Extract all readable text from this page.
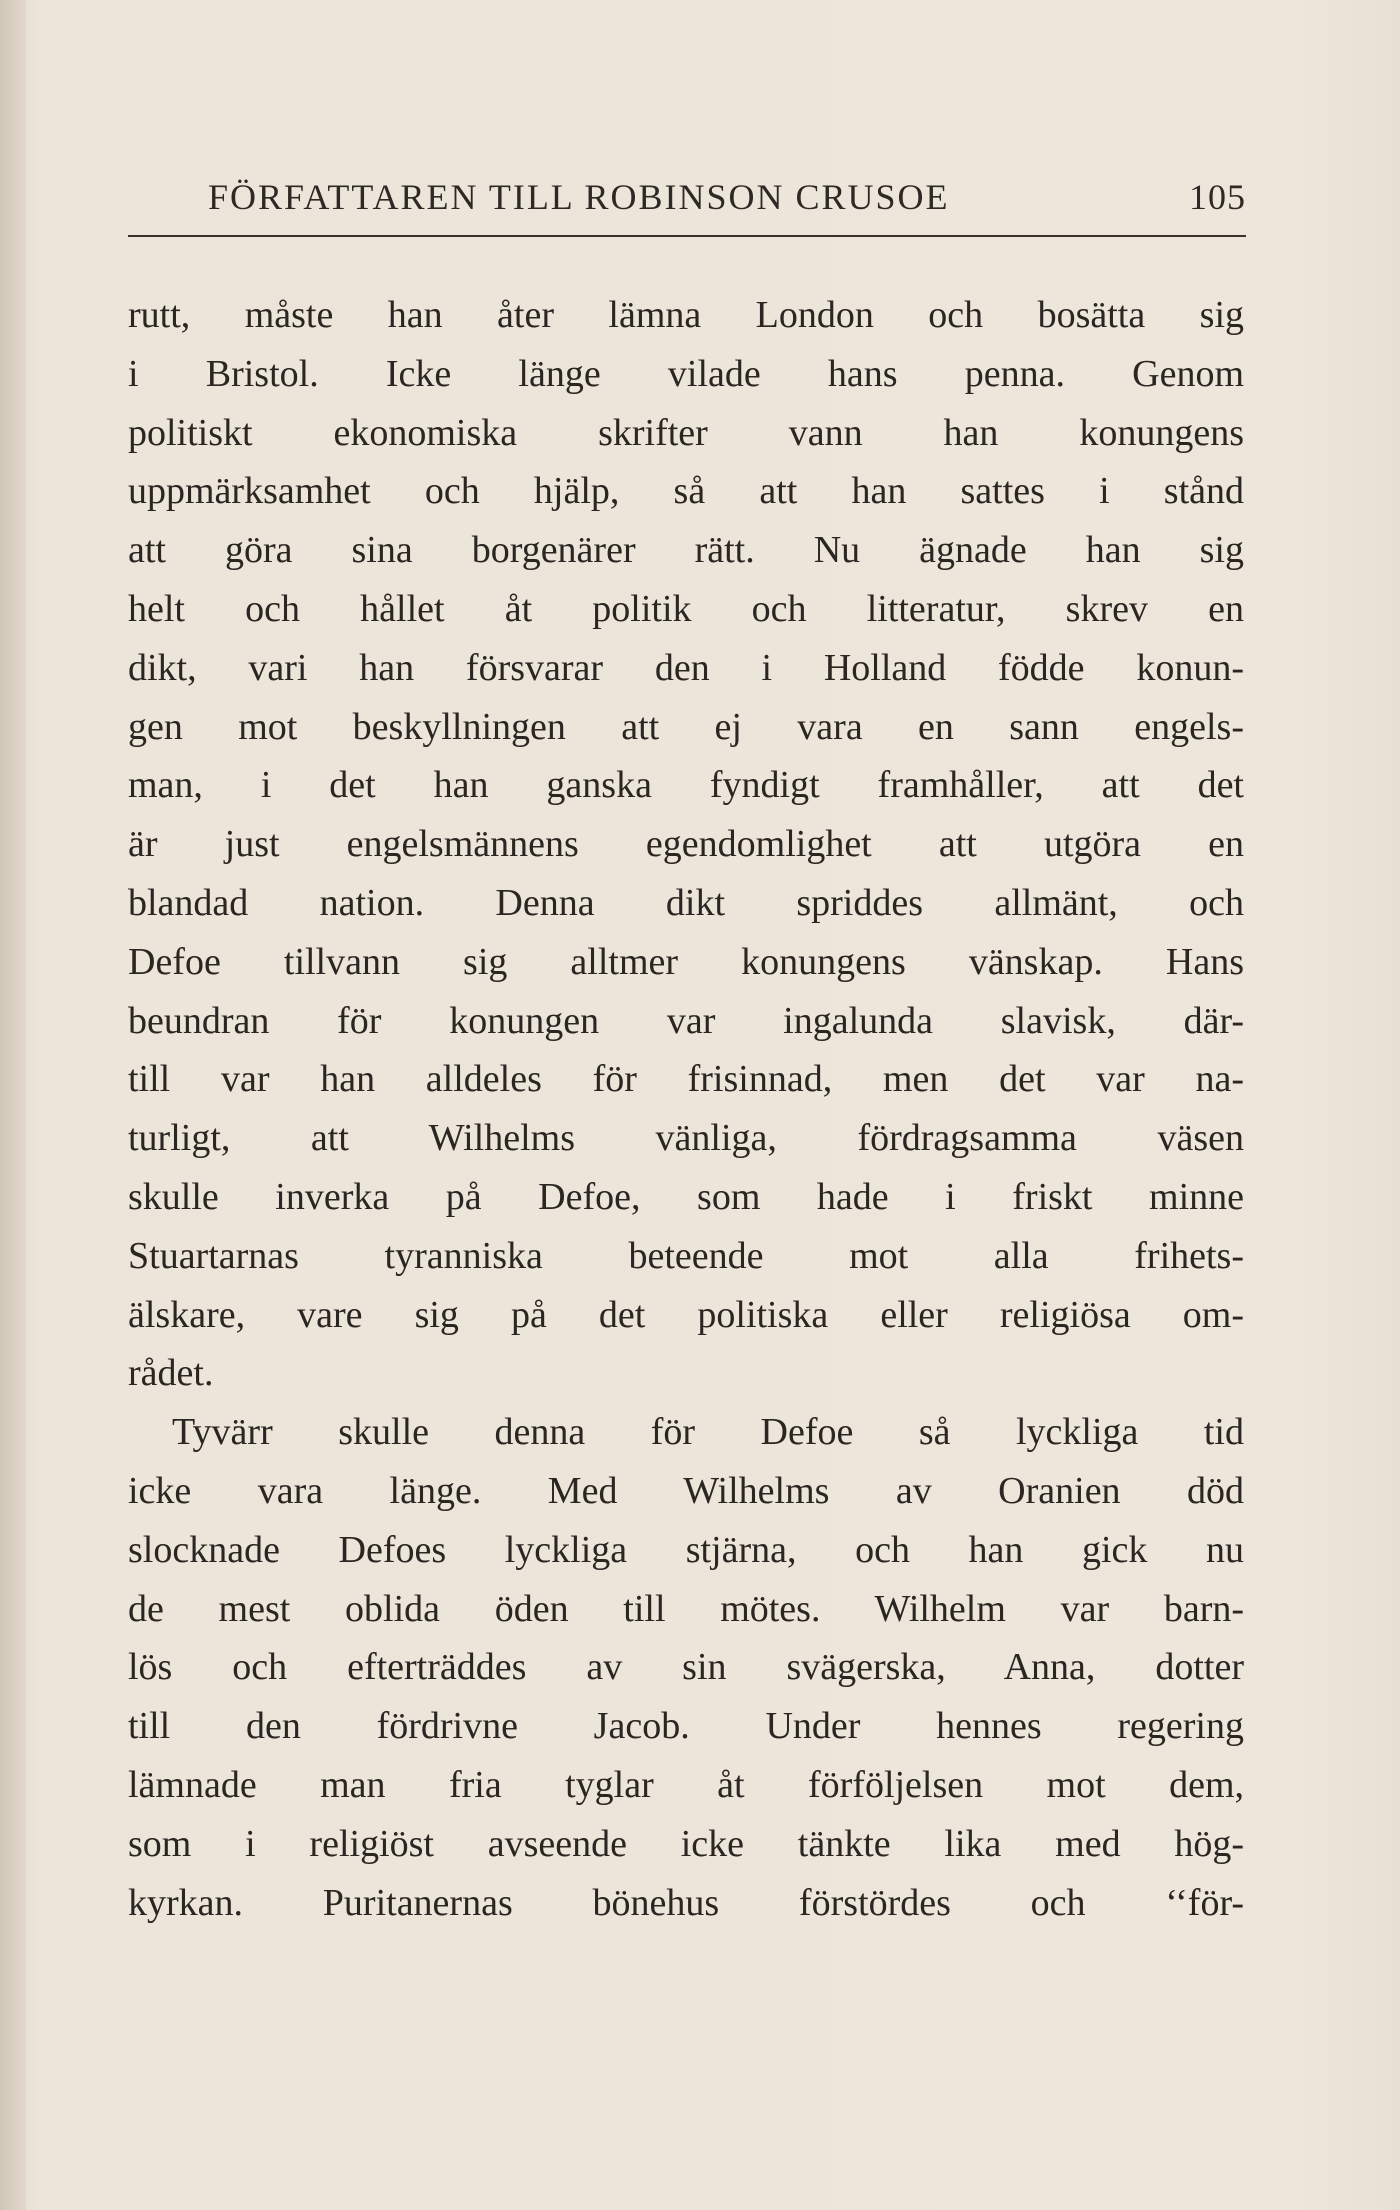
FÖRFATTAREN TILL ROBINSON CRUSOE	105
rutt, måste han åter lämna London och bosätta sig
i Bristol. Icke länge vilade hans penna. Genom
politiskt ekonomiska skrifter vann han konungens
uppmärksamhet och hjälp, så att han sattes i stånd
att göra sina borgenärer rätt. Nu ägnade han sig
helt och hållet åt politik och litteratur, skrev en
dikt, vari han försvarar den i Holland födde konun-
gen mot beskyllningen att ej vara en sann engels-
man, i det han ganska fyndigt framhåller, att det
är just engelsmännens egendomlighet att utgöra en
blandad nation. Denna dikt spriddes allmänt, och
Defoe tillvann sig alltmer konungens vänskap. Hans
beundran för konungen var ingalunda slavisk, där-
till var han alldeles för frisinnad, men det var na-
turligt, att Wilhelms vänliga, fördragsamma väsen
skulle inverka på Defoe, som hade i friskt minne
Stuartarnas tyranniska beteende mot alla frihets-
älskare, vare sig på det politiska eller religiösa om-
rådet.
Tyvärr skulle denna för Defoe så lyckliga tid
icke vara länge. Med Wilhelms av Oranien död
slocknade Defoes lyckliga stjärna, och han gick nu
de mest oblida öden till mötes. Wilhelm var barn-
lös och efterträddes av sin svägerska, Anna, dotter
till den fördrivne Jacob. Under hennes regering
lämnade man fria tyglar åt förföljelsen mot dem,
som i religiöst avseende icke tänkte lika med hög-
kyrkan. Puritanernas bönehus förstördes och ‘‘för-
